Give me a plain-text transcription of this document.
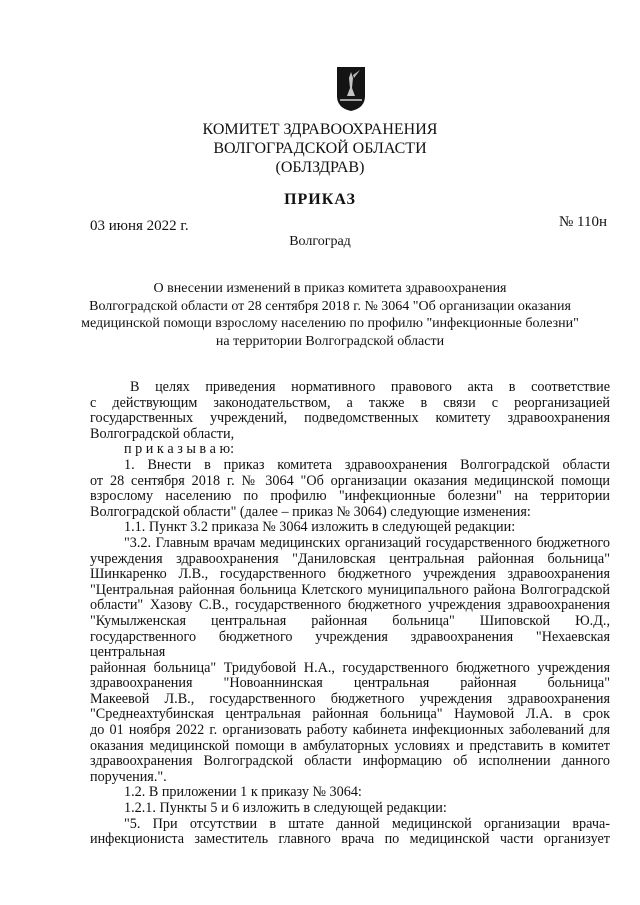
КОМИТЕТ ЗДРАВООХРАНЕНИЯ
ВОЛГОГРАДСКОЙ ОБЛАСТИ
(ОБЛЗДРАВ)
ПРИКАЗ
03 июня 2022 г.	№ 110н
Волгоград
О внесении изменений в приказ комитета здравоохранения
Волгоградской области от 28 сентября 2018 г. № 3064 "Об организации оказания
медицинской помощи взрослому населению по профилю "инфекционные болезни"
на территории Волгоградской области

В целях приведения нормативного правового акта в соответствие

с действующим законодательством, а также в связи с реорганизацией
государственных учреждений, подведомственных комитету здравоохранения
Волгоградской области,

п р и к а з ы в а ю:

1. Внести в приказ комитета здравоохранения Волгоградской области

от 28 сентября 2018 г. № 3064 "Об организации оказания медицинской помощи
взрослому населению по профилю "инфекционные болезни" на территории
Волгоградской области" (далее – приказ № 3064) следующие изменения:

1.1. Пункт 3.2 приказа № 3064 изложить в следующей редакции:

"3.2. Главным врачам медицинских организаций государственного бюджетного

учреждения здравоохранения "Даниловская центральная районная больница"
Шинкаренко Л.В., государственного бюджетного учреждения здравоохранения
"Центральная районная больница Клетского муниципального района Волгоградской
области" Хазову С.В., государственного бюджетного учреждения здравоохранения
"Кумылженская центральная районная больница" Шиповской Ю.Д.,
государственного бюджетного учреждения здравоохранения "Нехаевская центральная
районная больница" Тридубовой Н.А., государственного бюджетного учреждения
здравоохранения "Новоаннинская центральная районная больница"
Макеевой Л.В., государственного бюджетного учреждения здравоохранения
"Среднеахтубинская центральная районная больница" Наумовой Л.А. в срок
до 01 ноября 2022 г. организовать работу кабинета инфекционных заболеваний для
оказания медицинской помощи в амбулаторных условиях и представить в комитет
здравоохранения Волгоградской области информацию об исполнении данного
поручения.".

1.2. В приложении 1 к приказу № 3064:

1.2.1. Пункты 5 и 6 изложить в следующей редакции:

"5. При отсутствии в штате данной медицинской организации врача-

инфекциониста заместитель главного врача по медицинской части организует
